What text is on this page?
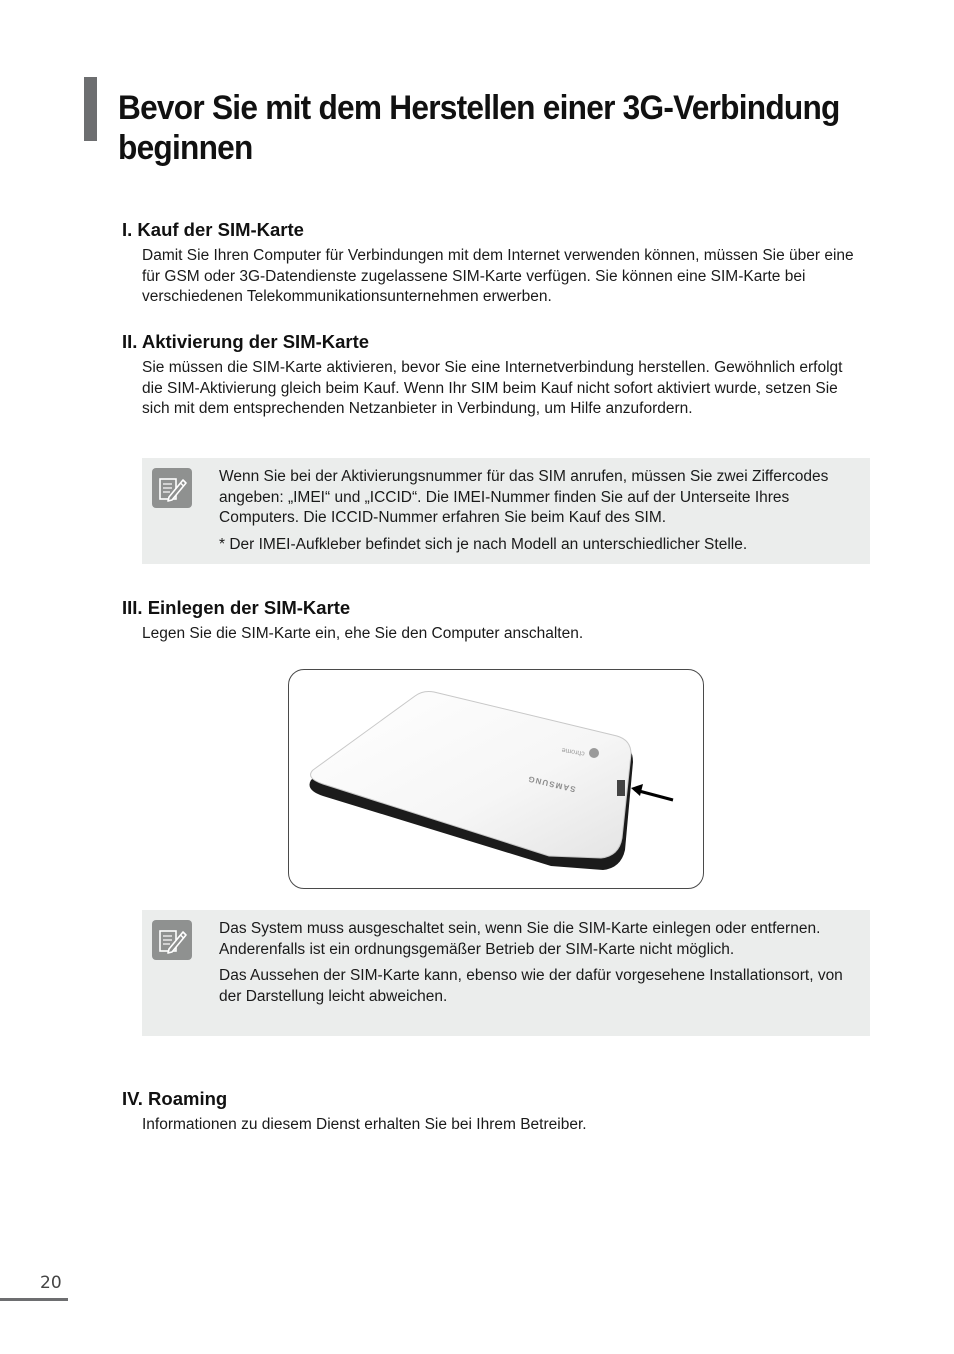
Bevor Sie mit dem Herstellen einer 3G-Verbindung beginnen
I. Kauf der SIM-Karte

Damit Sie Ihren Computer für Verbindungen mit dem Internet verwenden können, müssen Sie über eine für GSM oder 3G-Datendienste zugelassene SIM-Karte verfügen. Sie können eine SIM-Karte bei verschiedenen Telekommunikationsunternehmen erwerben.

II. Aktivierung der SIM-Karte

Sie müssen die SIM-Karte aktivieren, bevor Sie eine Internetverbindung herstellen. Gewöhnlich erfolgt die SIM-Aktivierung gleich beim Kauf. Wenn Ihr SIM beim Kauf nicht sofort aktiviert wurde, setzen Sie sich mit dem entsprechenden Netzanbieter in Verbindung, um Hilfe anzufordern.

Wenn Sie bei der Aktivierungsnummer für das SIM anrufen, müssen Sie zwei Ziffercodes angeben: „IMEI“ und „ICCID“. Die IMEI-Nummer finden Sie auf der Unterseite Ihres Computers. Die ICCID-Nummer erfahren Sie beim Kauf des SIM.

* Der IMEI-Aufkleber befindet sich je nach Modell an unterschiedlicher Stelle.

III. Einlegen der SIM-Karte

Legen Sie die SIM-Karte ein, ehe Sie den Computer anschalten.

chrome
SAMSUNG

Das System muss ausgeschaltet sein, wenn Sie die SIM-Karte einlegen oder entfernen. Anderenfalls ist ein ordnungsgemäßer Betrieb der SIM-Karte nicht möglich.

Das Aussehen der SIM-Karte kann, ebenso wie der dafür vorgesehene Installationsort, von der Darstellung leicht abweichen.

IV. Roaming

Informationen zu diesem Dienst erhalten Sie bei Ihrem Betreiber.

20
